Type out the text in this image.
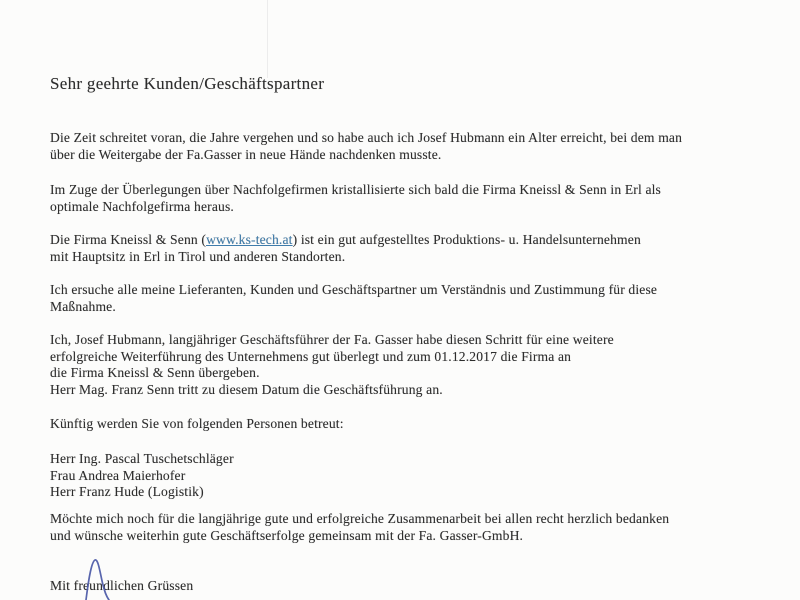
Sehr geehrte Kunden/Geschäftspartner
Die Zeit schreitet voran, die Jahre vergehen und so habe auch ich Josef Hubmann ein Alter erreicht, bei dem man
über die Weitergabe der Fa.Gasser in neue Hände nachdenken musste.
Im Zuge der Überlegungen über Nachfolgefirmen kristallisierte sich bald die Firma Kneissl & Senn in Erl als
optimale Nachfolgefirma heraus.
Die Firma Kneissl & Senn (www.ks-tech.at) ist ein gut aufgestelltes Produktions- u. Handelsunternehmen
mit Hauptsitz in Erl in Tirol und anderen Standorten.
Ich ersuche alle meine Lieferanten, Kunden und Geschäftspartner um Verständnis und Zustimmung für diese
Maßnahme.
Ich, Josef Hubmann, langjähriger Geschäftsführer der Fa. Gasser habe diesen Schritt für eine weitere
erfolgreiche Weiterführung des Unternehmens gut überlegt und zum 01.12.2017 die Firma an
die Firma Kneissl & Senn übergeben.
Herr Mag. Franz Senn tritt zu diesem Datum die Geschäftsführung an.
Künftig werden Sie von folgenden Personen betreut:
Herr Ing. Pascal Tuschetschläger
Frau Andrea Maierhofer
Herr Franz Hude (Logistik)
Möchte mich noch für die langjährige gute und erfolgreiche Zusammenarbeit bei allen recht herzlich bedanken
und wünsche weiterhin gute Geschäftserfolge gemeinsam mit der Fa. Gasser-GmbH.
Mit freundlichen Grüssen
